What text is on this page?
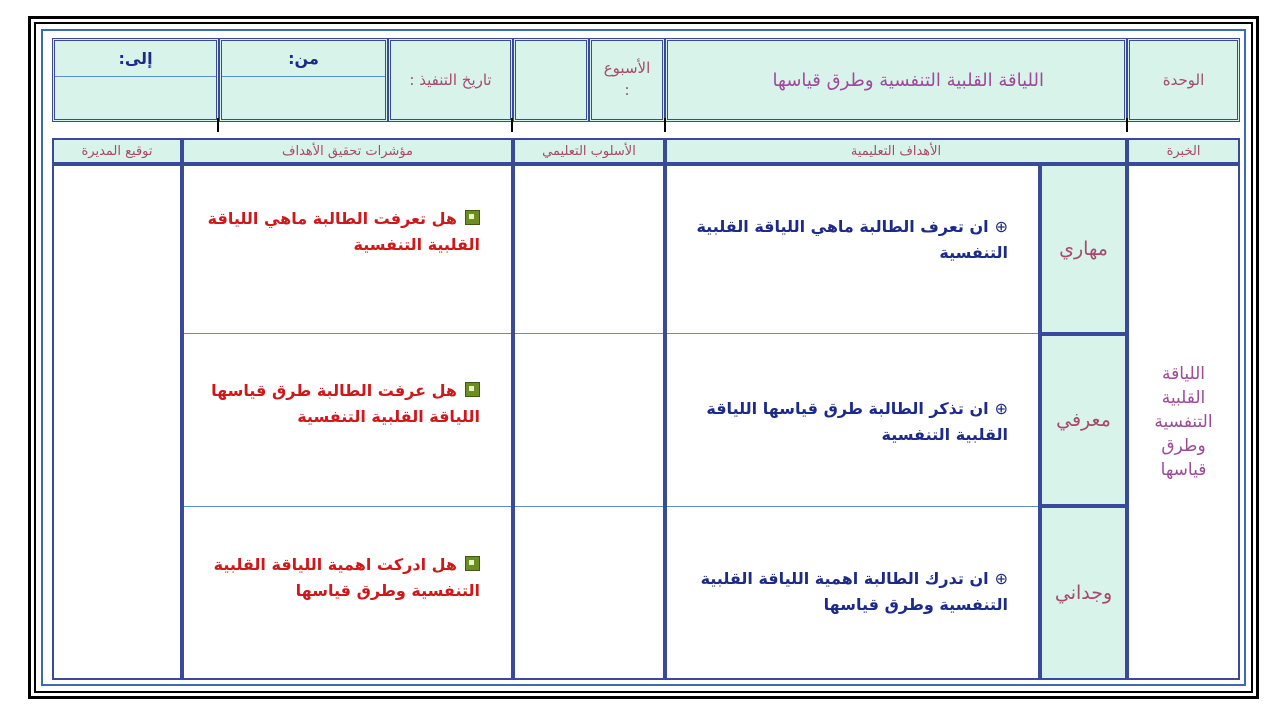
الوحدة
اللياقة القلبية التنفسية وطرق قياسها
الأسبوع :
تاريخ التنفيذ :
من:
إلى:
الخبرة
الأهداف التعليمية
الأسلوب التعليمي
مؤشرات تحقيق الأهداف
توقيع المديرة
اللياقة القلبية التنفسية وطرق قياسها
مهاري
معرفي
وجداني
⊕ان تعرف الطالبة ماهي اللياقة القلبية التنفسية
⊕ان تذكر الطالبة طرق قياسها اللياقة القلبية التنفسية
⊕ان تدرك الطالبة اهمية اللياقة القلبية التنفسية وطرق قياسها
هل تعرفت الطالبة ماهي اللياقة القلبية التنفسية
هل عرفت الطالبة طرق قياسها اللياقة القلبية التنفسية
هل ادركت اهمية اللياقة القلبية التنفسية وطرق قياسها
